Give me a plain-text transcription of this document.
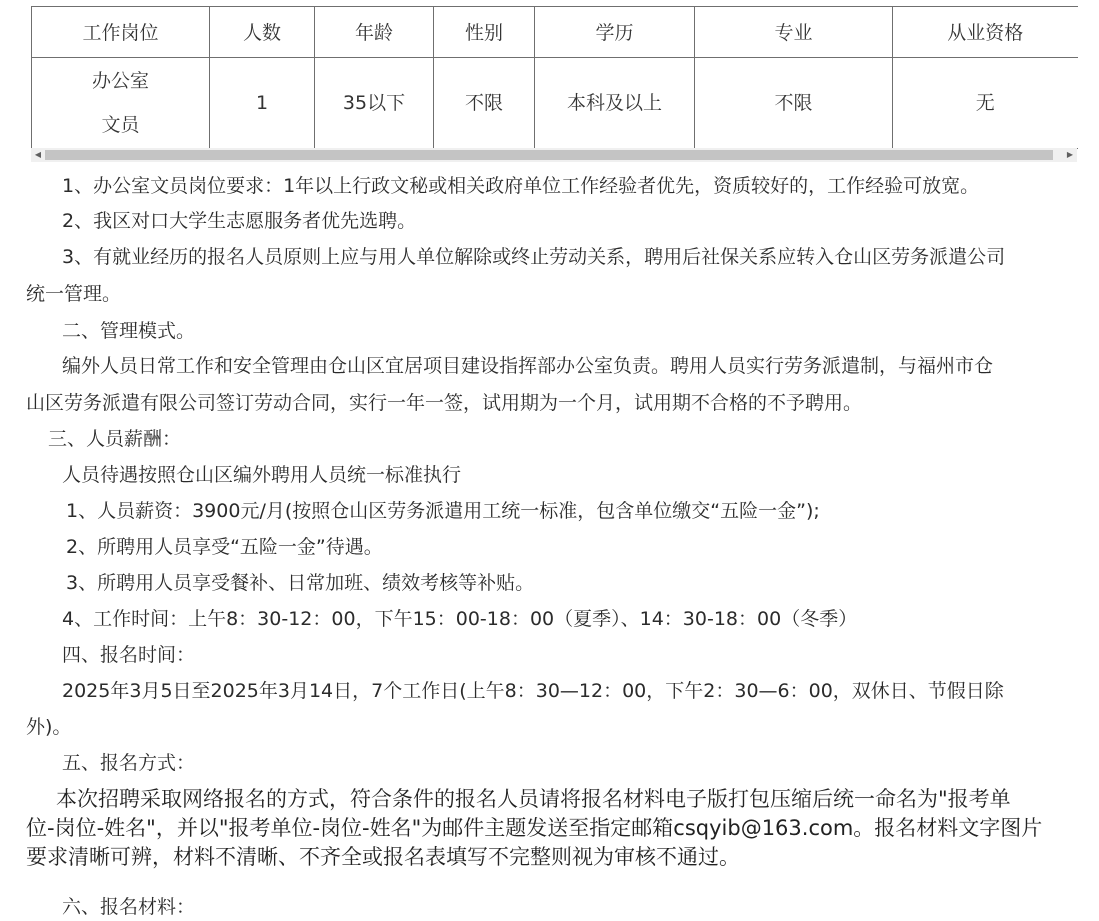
工作岗位	人数	年龄	性别	学历	专业	从业资格

办公室
文员	1	35以下	不限	本科及以上	不限	无
◀	▶
1、办公室文员岗位要求：1年以上行政文秘或相关政府单位工作经验者优先，资质较好的，工作经验可放宽。
2、我区对口大学生志愿服务者优先选聘。
3、有就业经历的报名人员原则上应与用人单位解除或终止劳动关系，聘用后社保关系应转入仓山区劳务派遣公司
统一管理。
二、管理模式。
编外人员日常工作和安全管理由仓山区宜居项目建设指挥部办公室负责。聘用人员实行劳务派遣制，与福州市仓
山区劳务派遣有限公司签订劳动合同，实行一年一签，试用期为一个月，试用期不合格的不予聘用。
三、人员薪酬：
人员待遇按照仓山区编外聘用人员统一标准执行
1、人员薪资：3900元/月(按照仓山区劳务派遣用工统一标准，包含单位缴交“五险一金”);
2、所聘用人员享受“五险一金”待遇。
3、所聘用人员享受餐补、日常加班、绩效考核等补贴。
4、工作时间：上午8：30-12：00，下午15：00-18：00（夏季）、14：30-18：00（冬季）
四、报名时间：
2025年3月5日至2025年3月14日，7个工作日(上午8：30—12：00，下午2：30—6：00，双休日、节假日除
外)。
五、报名方式：
本次招聘采取网络报名的方式，符合条件的报名人员请将报名材料电子版打包压缩后统一命名为"报考单
位-岗位-姓名"，并以"报考单位-岗位-姓名"为邮件主题发送至指定邮箱csqyib@163.com。报名材料文字图片
要求清晰可辨，材料不清晰、不齐全或报名表填写不完整则视为审核不通过。
六、报名材料：
